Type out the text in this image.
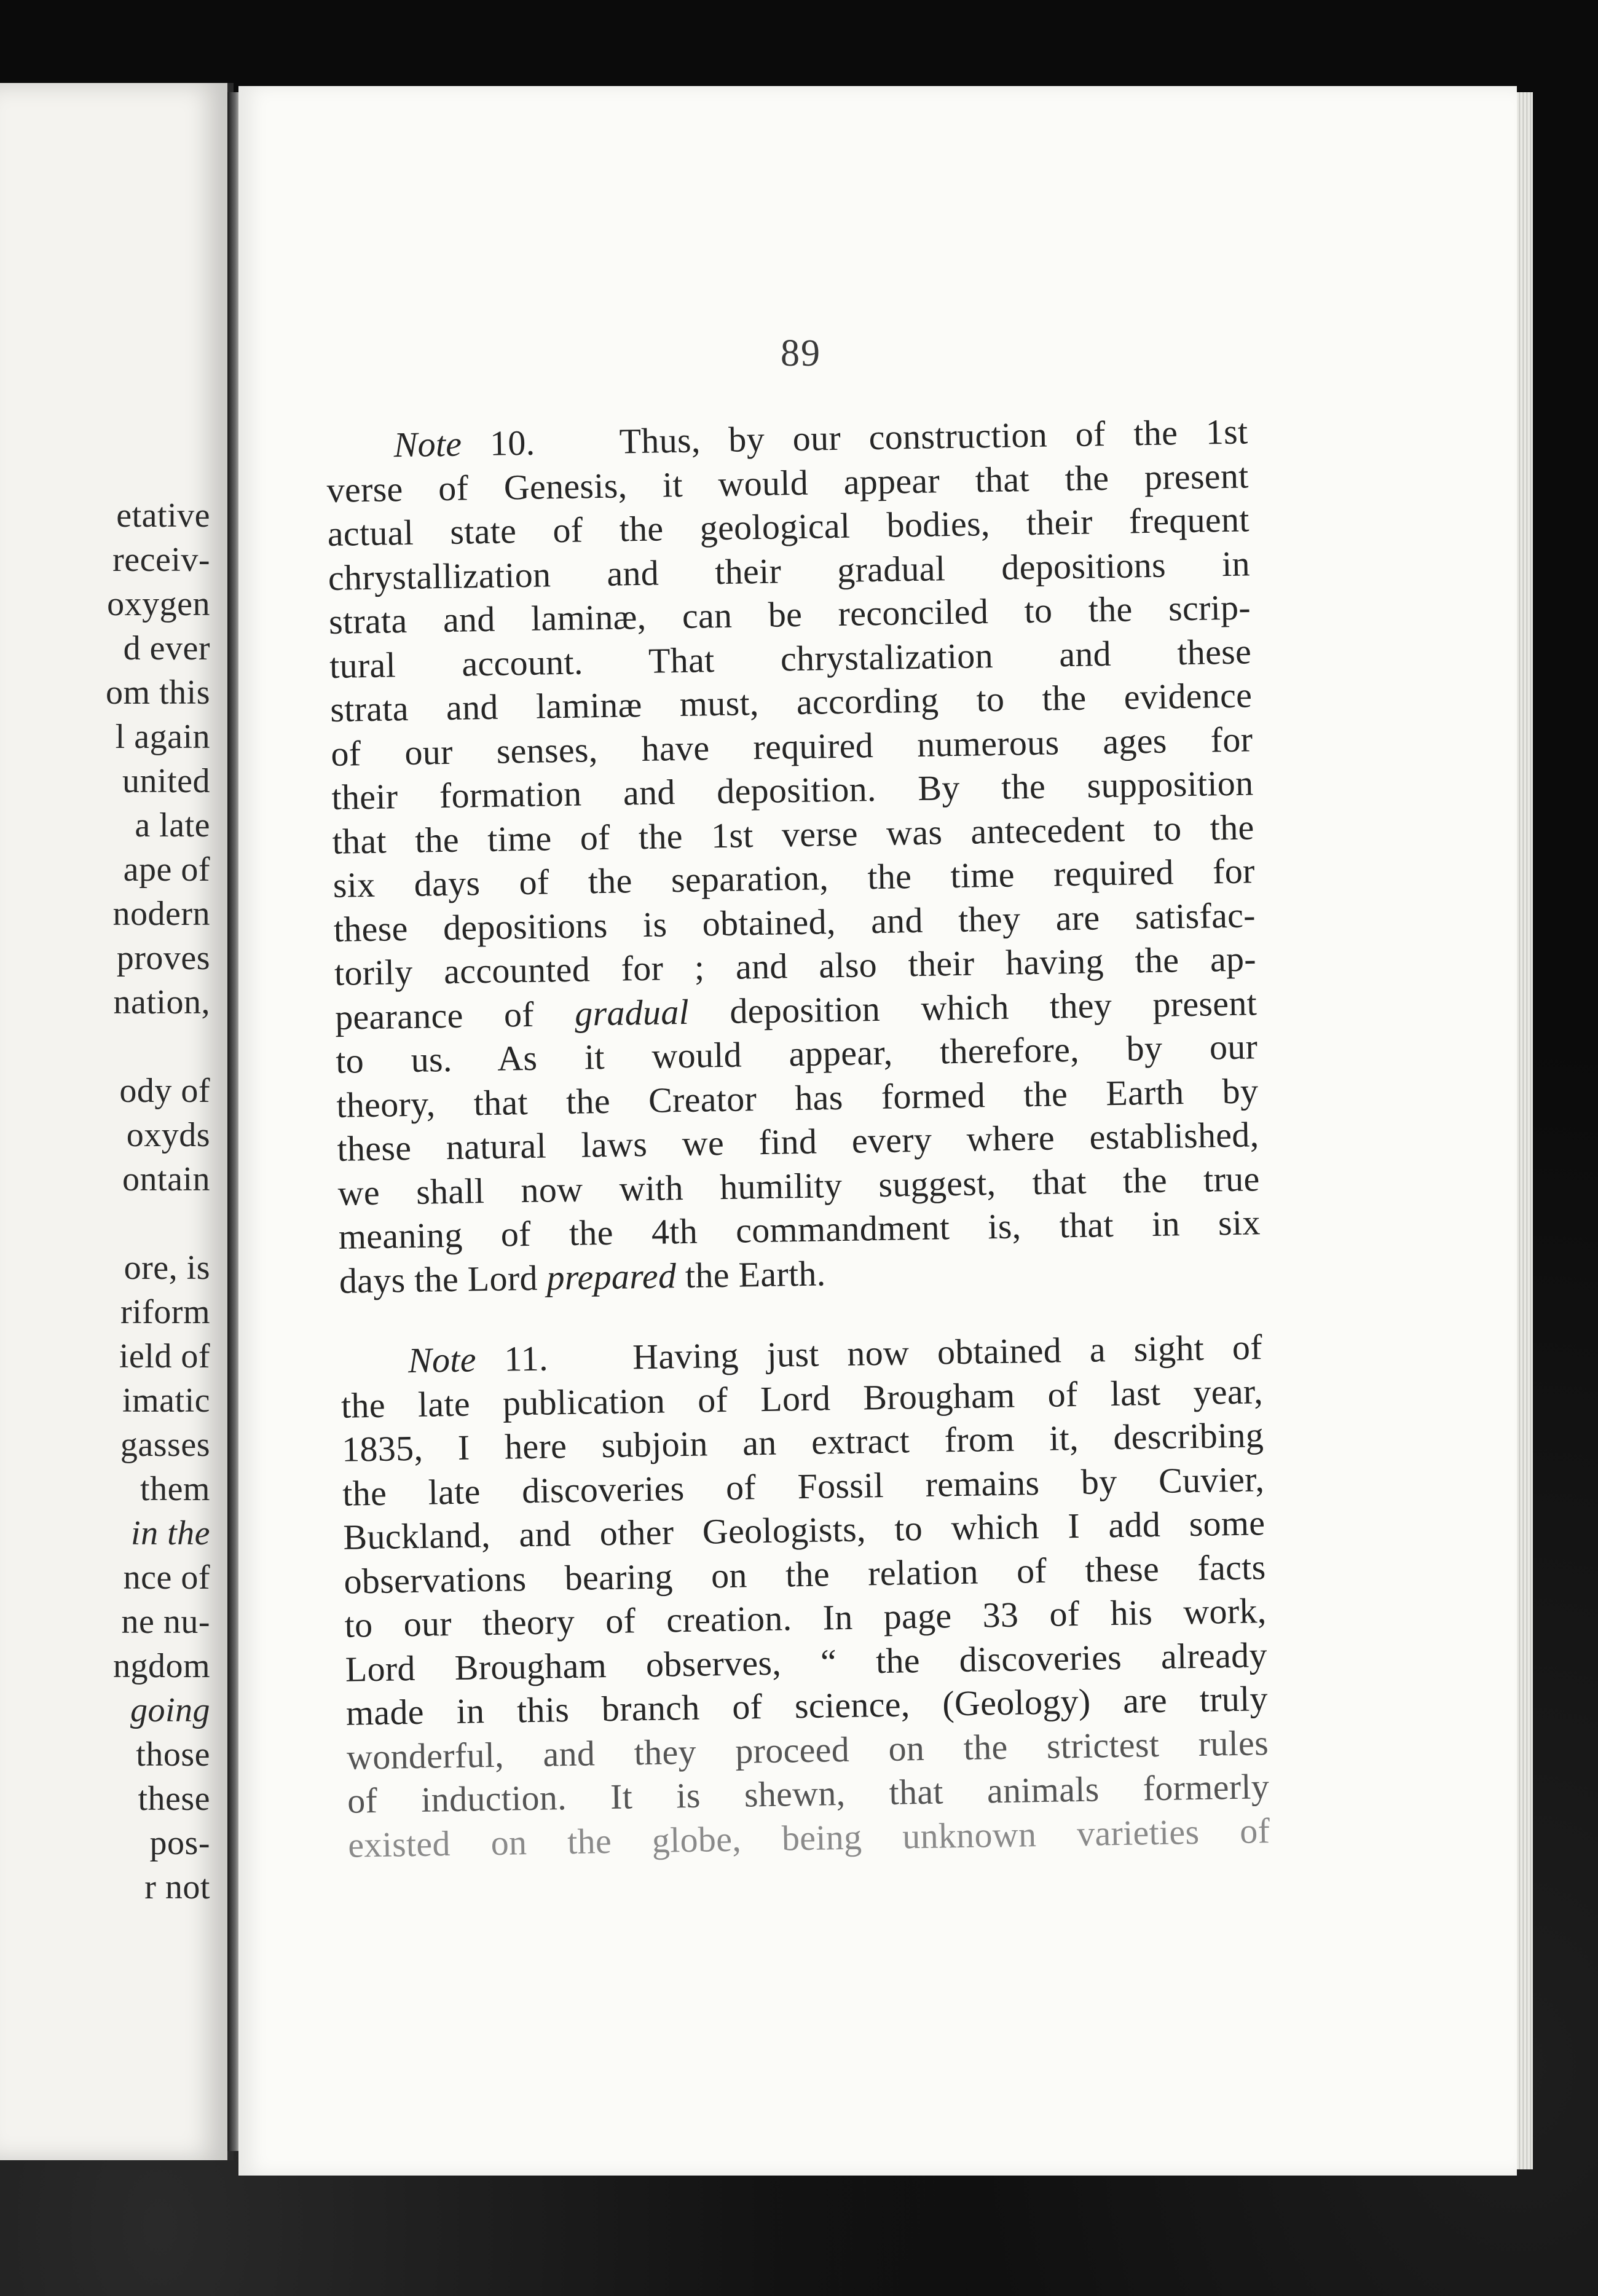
etative
receiv-
oxygen
d ever
om this
l again
united
a late
ape of
nodern
proves
nation,
ody of
oxyds
ontain
ore, is
riform
ield of
imatic
gasses
them
in the
nce of
ne nu-
ngdom
going
those
these
pos-
r not
89
Note 10. Thus, by our construction of the 1st
verse of Genesis, it would appear that the present
actual state of the geological bodies, their frequent
chrystallization and their gradual depositions in
strata and laminæ, can be reconciled to the scrip-
tural account. That chrystalization and these
strata and laminæ must, according to the evidence
of our senses, have required numerous ages for
their formation and deposition. By the supposition
that the time of the 1st verse was antecedent to the
six days of the separation, the time required for
these depositions is obtained, and they are satisfac-
torily accounted for ; and also their having the ap-
pearance of gradual deposition which they present
to us. As it would appear, therefore, by our
theory, that the Creator has formed the Earth by
these natural laws we find every where established,
we shall now with humility suggest, that the true
meaning of the 4th commandment is, that in six
days the Lord prepared the Earth.
Note 11. Having just now obtained a sight of
the late publication of Lord Brougham of last year,
1835, I here subjoin an extract from it, describing
the late discoveries of Fossil remains by Cuvier,
Buckland, and other Geologists, to which I add some
observations bearing on the relation of these facts
to our theory of creation. In page 33 of his work,
Lord Brougham observes, “ the discoveries already
made in this branch of science, (Geology) are truly
wonderful, and they proceed on the strictest rules
of induction. It is shewn, that animals formerly
existed on the globe, being unknown varieties of
